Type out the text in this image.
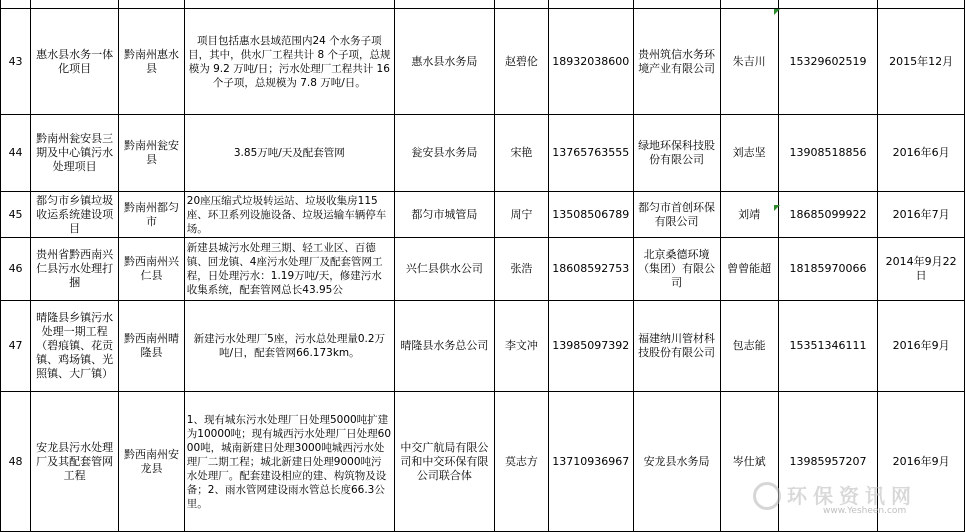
43	惠水县水务一体化项目	黔南州惠水县	项目包括惠水县域范围内24 个水务子项目，其中，供水厂工程共计 8 个子项，总规模为 9.2 万吨/日；污水处理厂工程共计 16 个子项，总规模为 7.8 万吨/日。	惠水县水务局	赵碧伦	18932038600	贵州筑信水务环境产业有限公司	朱吉川	15329602519	2015年12月
44	黔南州瓮安县三期及中心镇污水处理项目	黔南州瓮安县	3.85万吨/天及配套管网	瓮安县水务局	宋艳	13765763555	绿地环保科技股份有限公司	刘志坚	13908518856	2016年6月
45	都匀市乡镇垃圾收运系统建设项目	黔南州都匀市	20座压缩式垃圾转运站、垃圾收集房115座、环卫系列设施设备、垃圾运输车辆停车场。	都匀市城管局	周宁	13508506789	都匀市首创环保有限公司	刘靖	18685099922	2016年7月
46	贵州省黔西南兴仁县污水处理打捆	黔西南州兴仁县	新建县城污水处理三期、轻工业区、百德镇、回龙镇、4座污水处理厂及配套管网工程，日处理污水：1.19万吨/天，修建污水收集系统，配套管网总长43.95公	兴仁县供水公司	张浩	18608592753	北京桑德环境（集团）有限公司	曾曾能超	18185970066	2014年9月22日
47	晴隆县乡镇污水处理一期工程（碧痕镇、花贡镇、鸡场镇、光照镇、大厂镇）	黔西南州晴隆县	新建污水处理厂5座，污水总处理量0.2万吨/日，配套管网66.173km。	晴隆县水务总公司	李文冲	13985097392	福建纳川管材科技股份有限公司	包志能	15351346111	2016年9月
48	安龙县污水处理厂及其配套管网工程	黔西南州安龙县	1、现有城东污水处理厂日处理5000吨扩建为10000吨；现有城西污水处理厂日处理6000吨，城南新建日处理3000吨城西污水处理厂二期工程；城北新建日处理9000吨污水处理厂。配套建设相应的建、构筑物及设备；2、雨水管网建设雨水管总长度66.3公里。	中交广航局有限公司和中交环保有限公司联合体	莫志方	13710936967	安龙县水务局	岑仕斌	13985957207	2016年9月
环保资讯网
www.Yesheen.com
